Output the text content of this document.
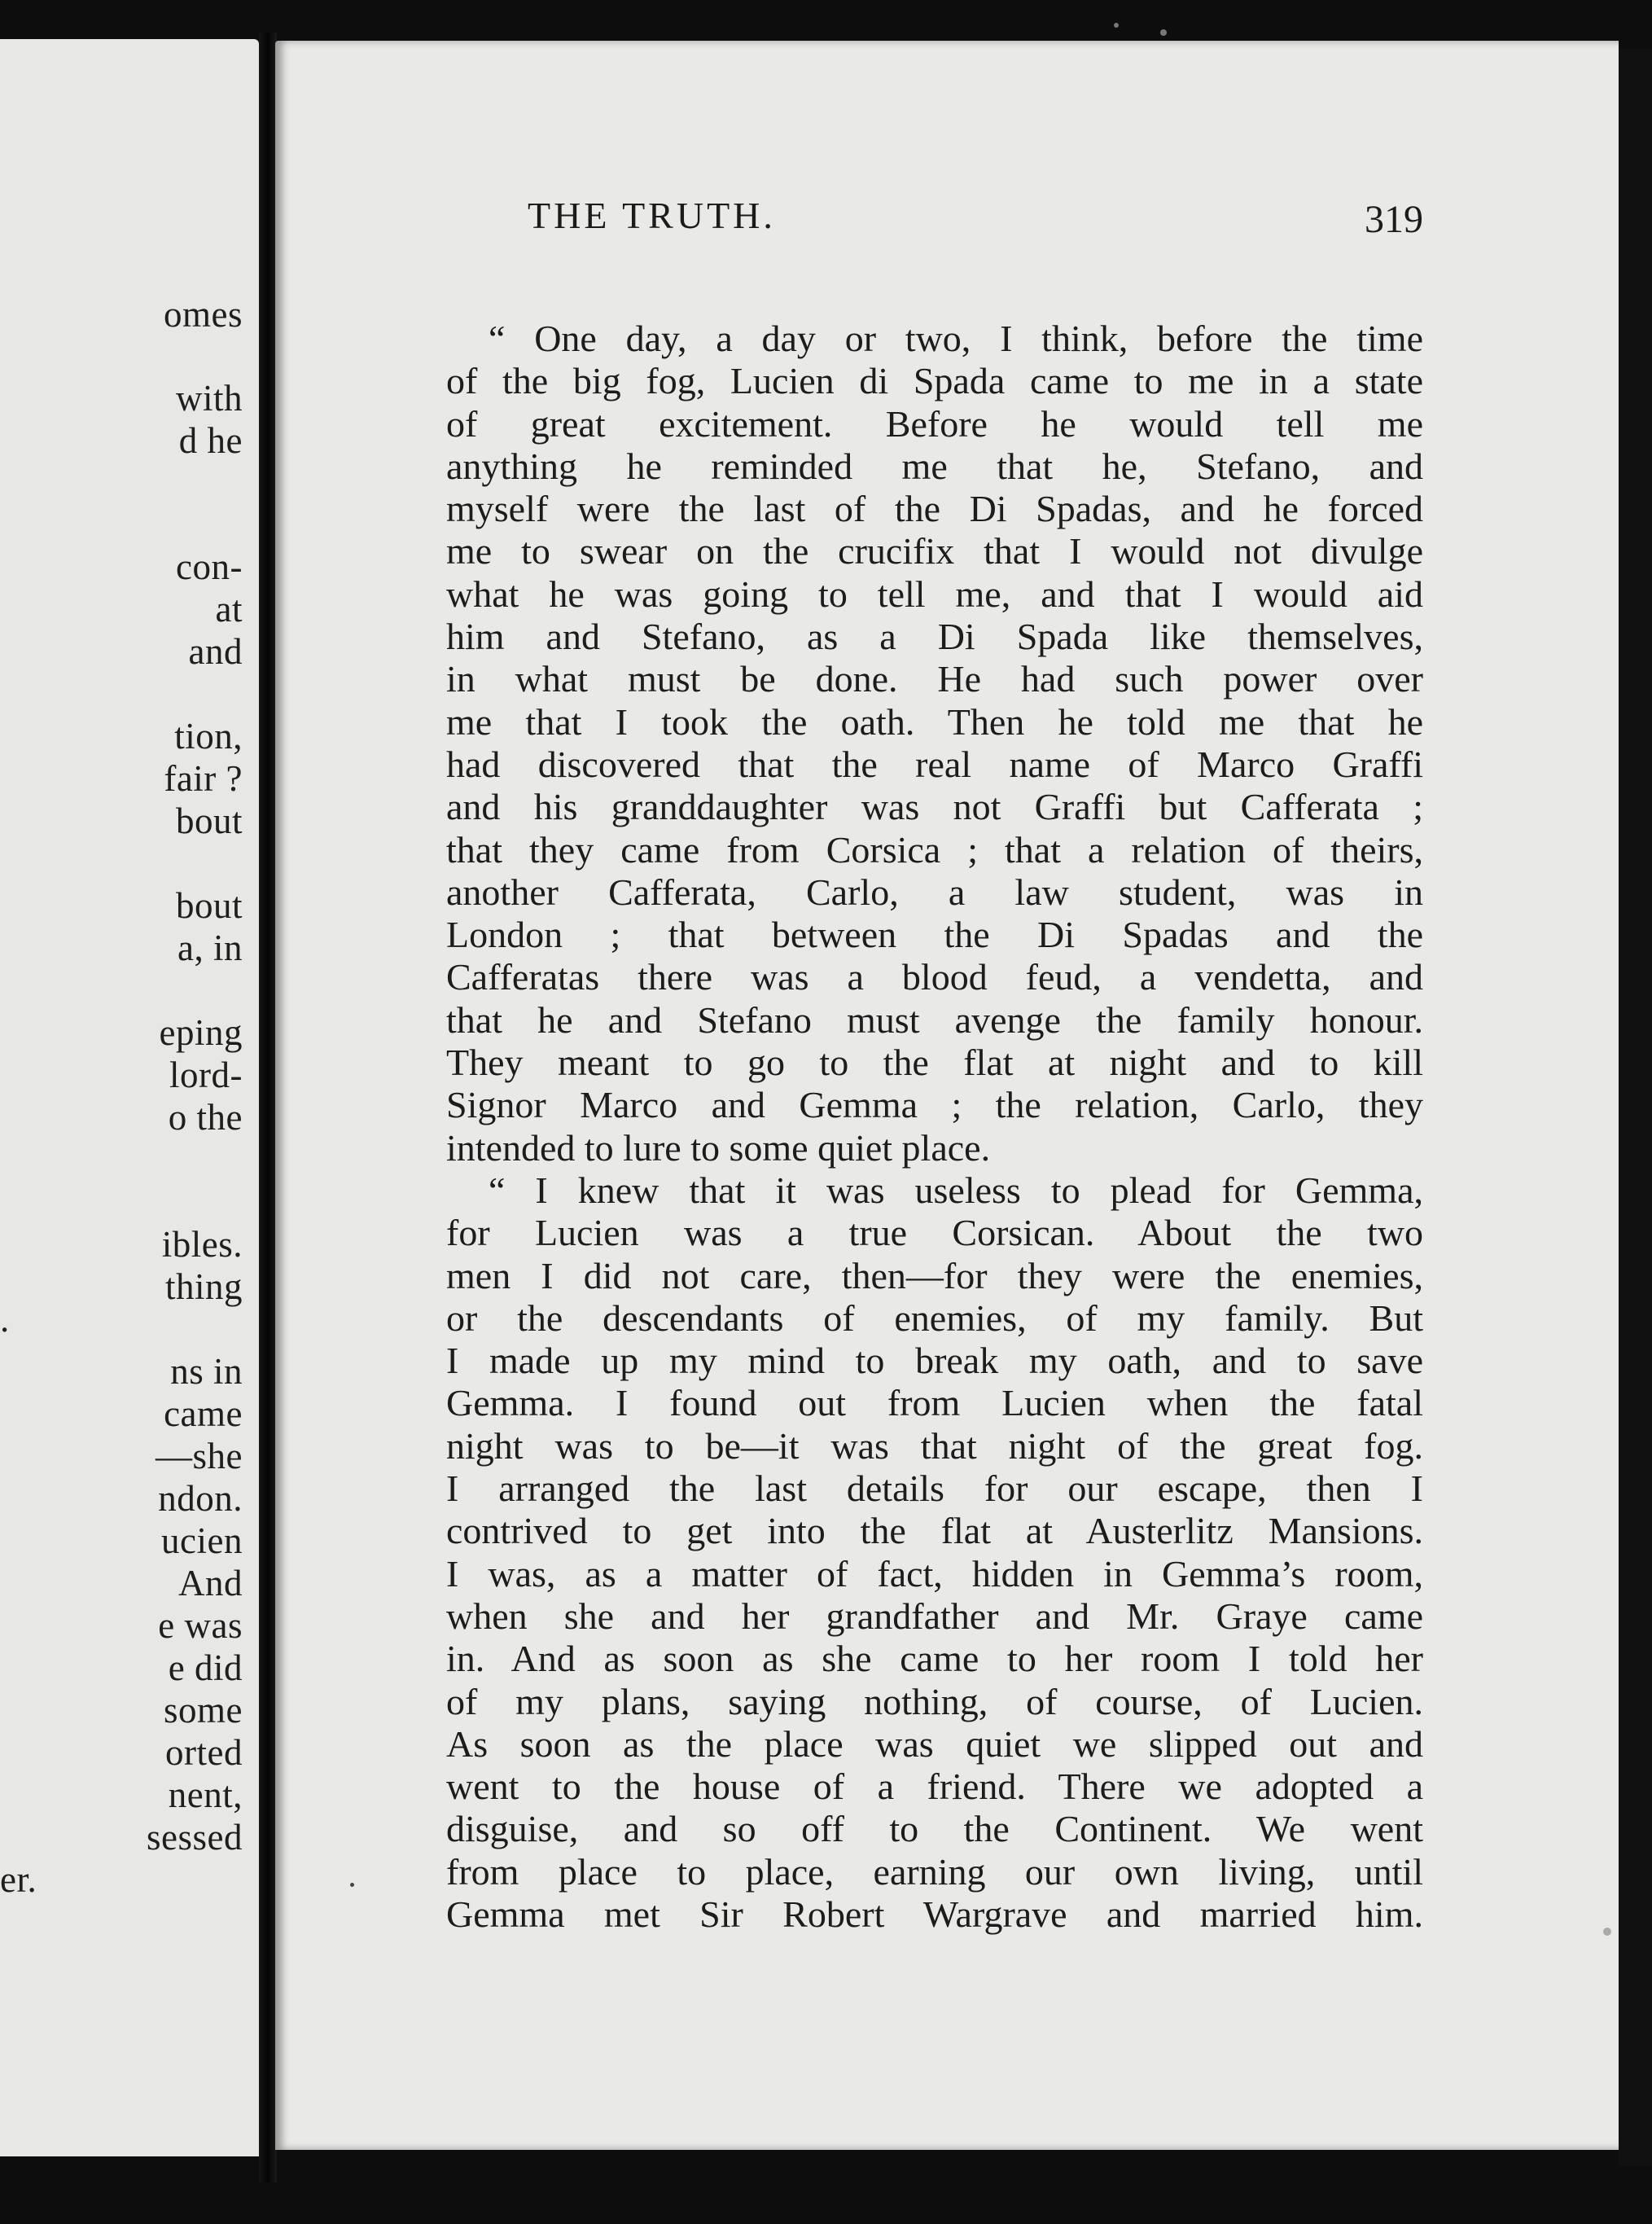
omes
with
d he
con-
at
and
tion,
fair ?
bout
bout
a, in
eping
lord-
o the
ibles.
thing
.
ns in
came
—she
ndon.
ucien
And
e was
e did
some
orted
nent,
sessed
er.
THE TRUTH.	319
“ One day, a day or two, I think, before the time
of the big fog, Lucien di Spada came to me in a state
of great excitement. Before he would tell me
anything he reminded me that he, Stefano, and
myself were the last of the Di Spadas, and he forced
me to swear on the crucifix that I would not divulge
what he was going to tell me, and that I would aid
him and Stefano, as a Di Spada like themselves,
in what must be done. He had such power over
me that I took the oath. Then he told me that he
had discovered that the real name of Marco Graffi
and his granddaughter was not Graffi but Cafferata ;
that they came from Corsica ; that a relation of theirs,
another Cafferata, Carlo, a law student, was in
London ; that between the Di Spadas and the
Cafferatas there was a blood feud, a vendetta, and
that he and Stefano must avenge the family honour.
They meant to go to the flat at night and to kill
Signor Marco and Gemma ; the relation, Carlo, they
intended to lure to some quiet place.
“ I knew that it was useless to plead for Gemma,
for Lucien was a true Corsican. About the two
men I did not care, then—for they were the enemies,
or the descendants of enemies, of my family. But
I made up my mind to break my oath, and to save
Gemma. I found out from Lucien when the fatal
night was to be—it was that night of the great fog.
I arranged the last details for our escape, then I
contrived to get into the flat at Austerlitz Mansions.
I was, as a matter of fact, hidden in Gemma’s room,
when she and her grandfather and Mr. Graye came
in. And as soon as she came to her room I told her
of my plans, saying nothing, of course, of Lucien.
As soon as the place was quiet we slipped out and
went to the house of a friend. There we adopted a
disguise, and so off to the Continent. We went
from place to place, earning our own living, until
Gemma met Sir Robert Wargrave and married him.
